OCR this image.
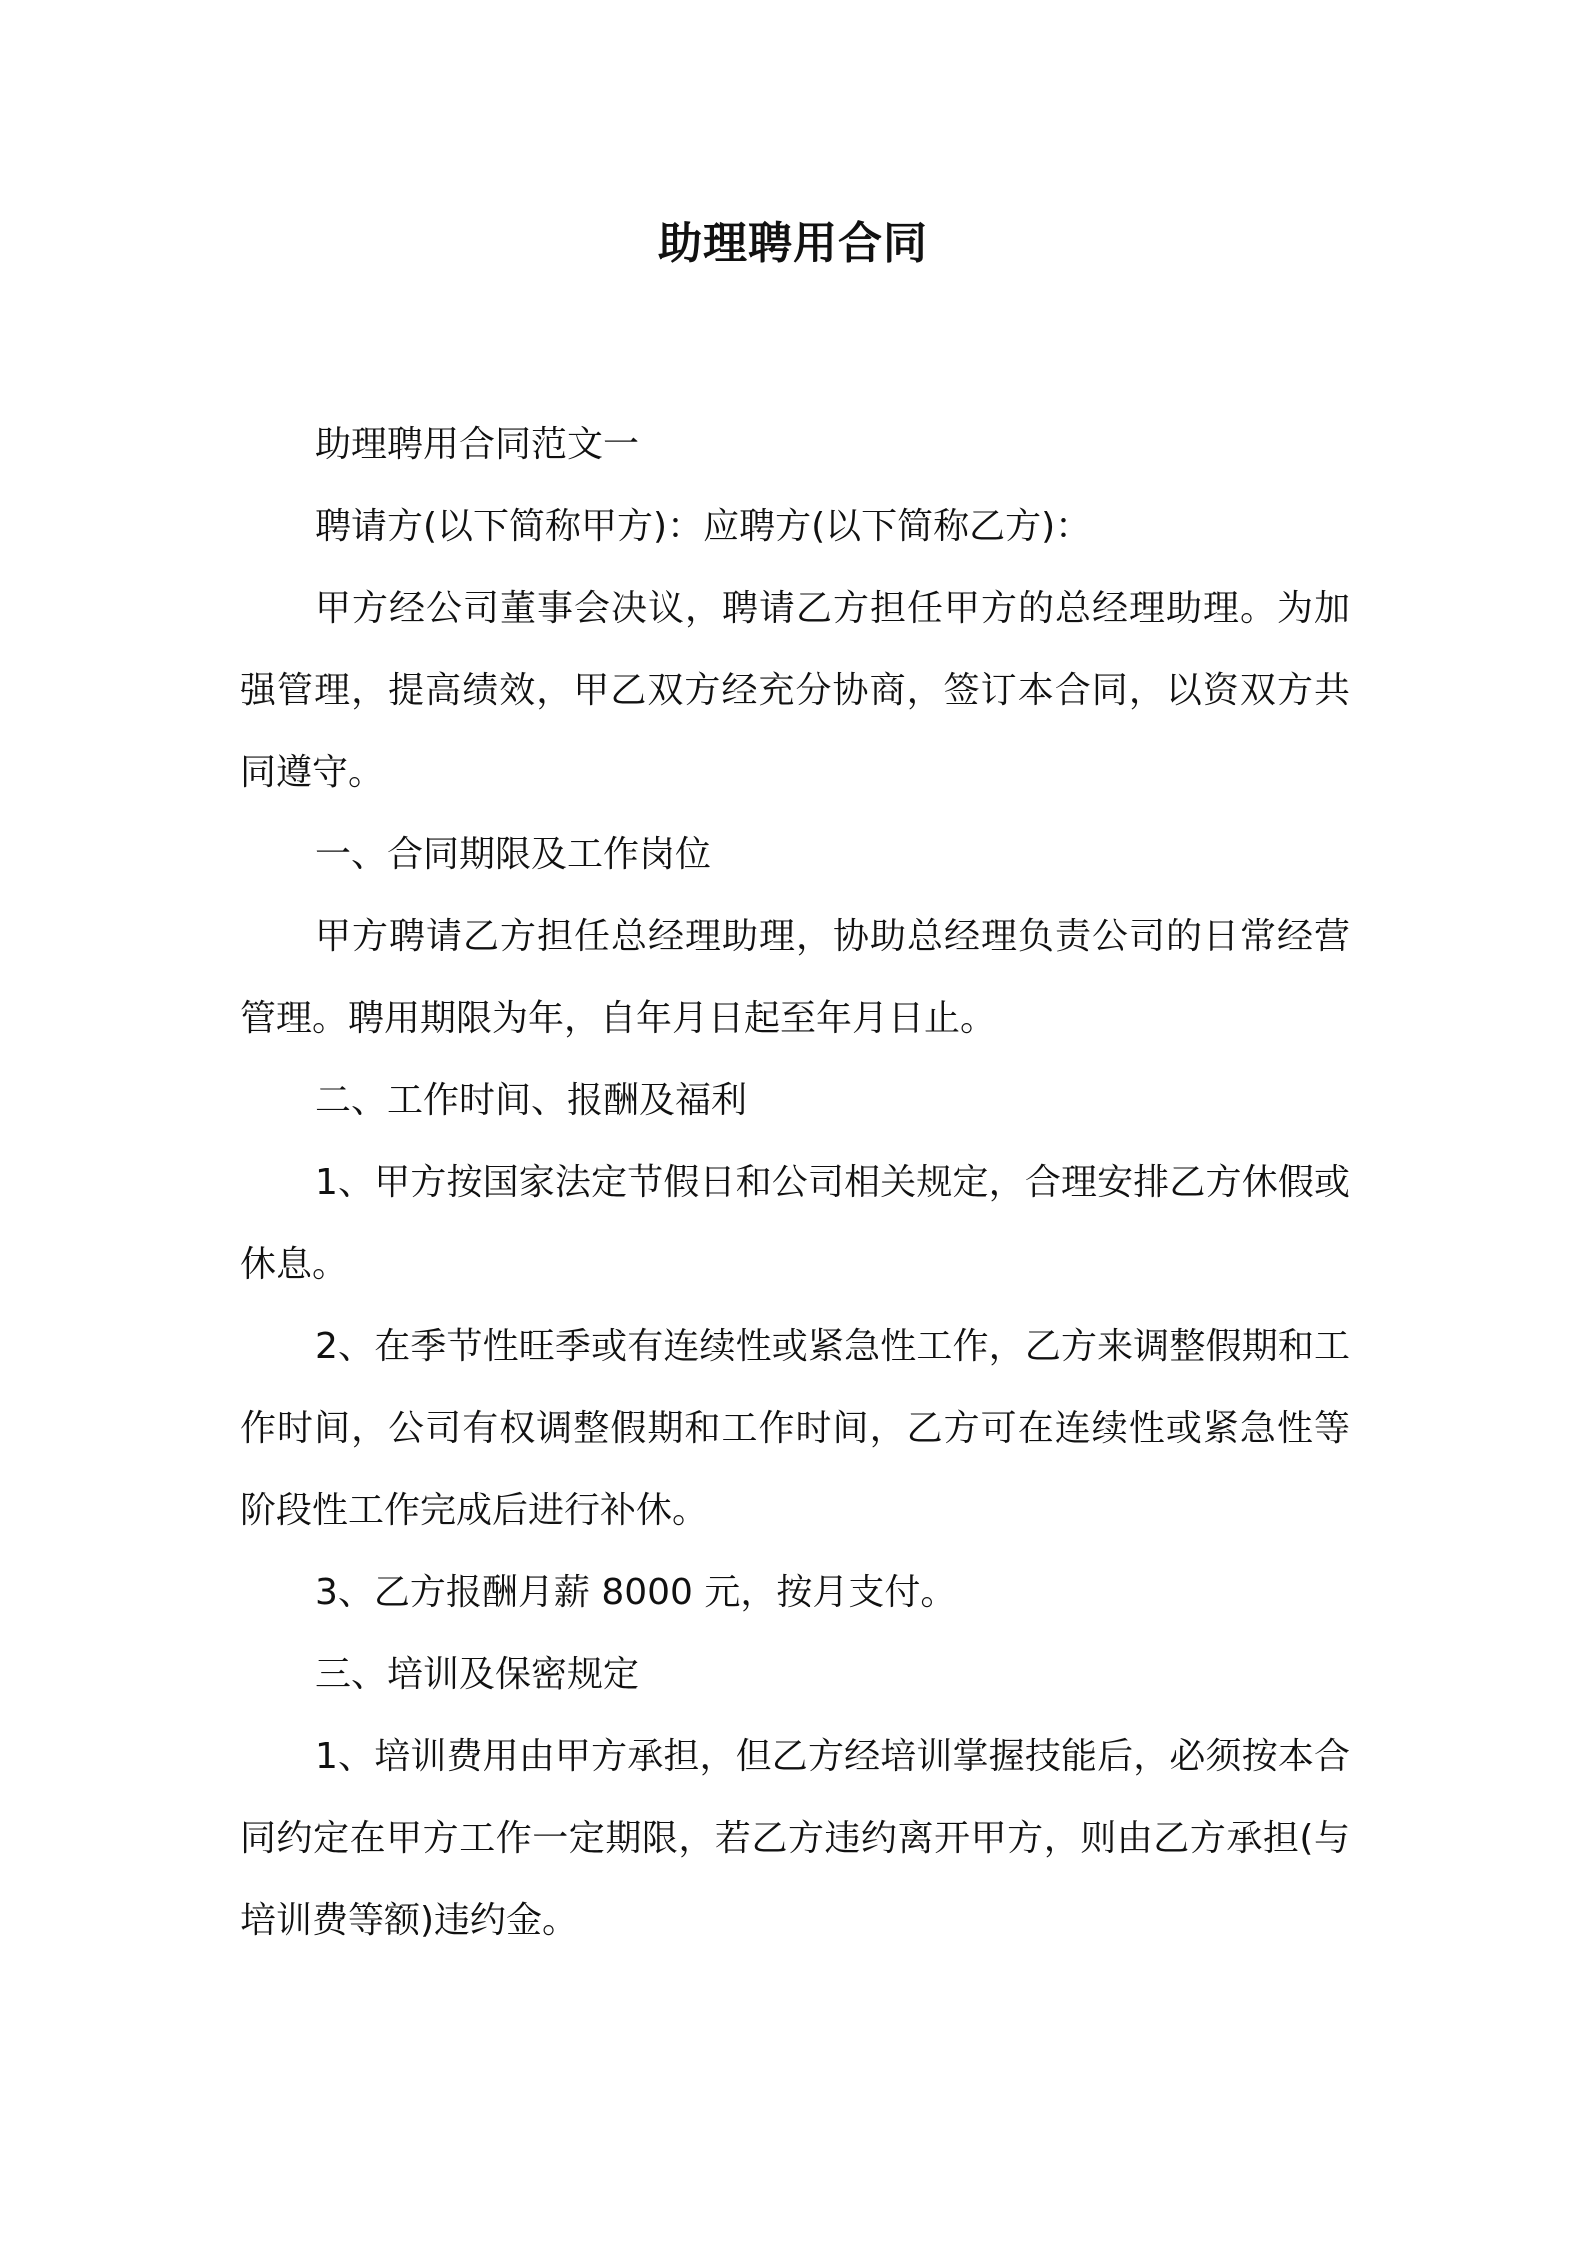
助理聘用合同

助理聘用合同范文一

聘请方(以下简称甲方)：应聘方(以下简称乙方)：

甲方经公司董事会决议，聘请乙方担任甲方的总经理助理。为加强管理，提高绩效，甲乙双方经充分协商，签订本合同，以资双方共同遵守。

一、合同期限及工作岗位

甲方聘请乙方担任总经理助理，协助总经理负责公司的日常经营管理。聘用期限为年，自年月日起至年月日止。

二、工作时间、报酬及福利

1、甲方按国家法定节假日和公司相关规定，合理安排乙方休假或休息。

2、在季节性旺季或有连续性或紧急性工作，乙方来调整假期和工作时间，公司有权调整假期和工作时间，乙方可在连续性或紧急性等阶段性工作完成后进行补休。

3、乙方报酬月薪 8000 元，按月支付。

三、培训及保密规定

1、培训费用由甲方承担，但乙方经培训掌握技能后，必须按本合同约定在甲方工作一定期限，若乙方违约离开甲方，则由乙方承担(与培训费等额)违约金。
